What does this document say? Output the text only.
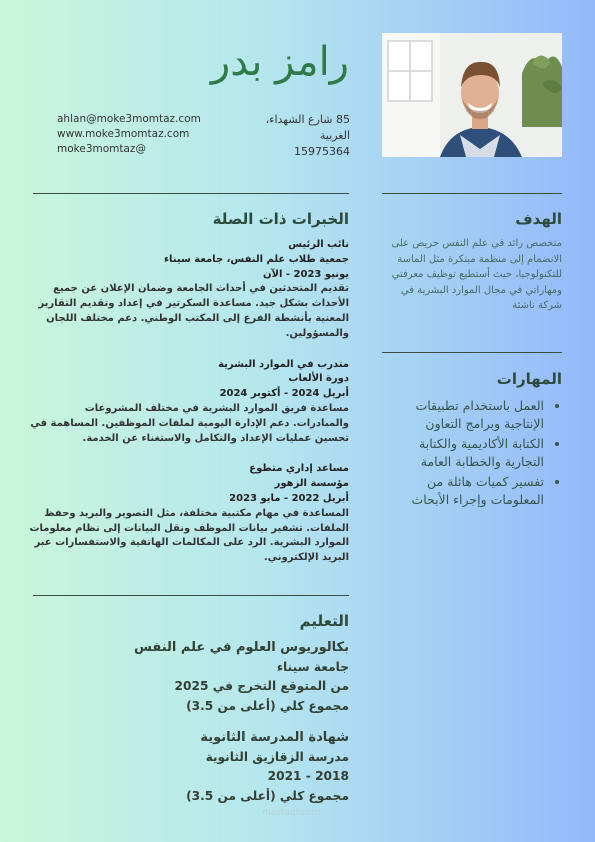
رامز بدر
85 شارع الشهداء،
الغربية
15975364
ahlan@moke3momtaz.com
www.moke3momtaz.com
moke3momtaz@
الخبرات ذات الصلة
نائب الرئيس
جمعية طلاب علم النفس، جامعة سيناء
يونيو 2023 - الآن
تقديم المتحدثين في أحداث الجامعة وضمان الإعلان عن جميع الأحداث بشكل جيد. مساعدة السكرتير في إعداد وتقديم التقارير المعنية بأنشطة الفرع إلى المكتب الوطني. دعم مختلف اللجان والمسؤولين.
متدرب في الموارد البشرية
دورة الألعاب
أبريل 2024 - أكتوبر 2024
مساعدة فريق الموارد البشرية في مختلف المشروعات والمبادرات. دعم الإدارة اليومية لملفات الموظفين. المساهمة في تحسين عمليات الإعداد والتكامل والاستغناء عن الخدمة.
مساعد إداري متطوع
مؤسسة الزهور
أبريل 2022 - مايو 2023
المساعدة في مهام مكتبية مختلفة، مثل التصوير والبريد وحفظ الملفات. تشفير بيانات الموظف ونقل البيانات إلى نظام معلومات الموارد البشرية. الرد على المكالمات الهاتفية والاستفسارات عبر البريد الإلكتروني.
الهدف
متخصص رائد في علم النفس حريص على الانضمام إلى منظمة مبتكرة مثل الماسة للتكنولوجيا، حيث أستطيع توظيف معرفتي ومهاراتي في مجال الموارد البشرية في شركة ناشئة
المهارات
• العمل باستخدام تطبيقات الإنتاجية وبرامج التعاون
• الكتابة الأكاديمية والكتابة التجارية والخطابة العامة
• تفسير كميات هائلة من المعلومات وإجراء الأبحاث
التعليم
بكالوريوس العلوم في علم النفس
جامعة سيناء
من المتوقع التخرج في 2025
مجموع كلي (أعلى من 3.5)
شهادة المدرسة الثانوية
مدرسة الزقازيق الثانوية
2018 - 2021
مجموع كلي (أعلى من 3.5)
mostaql.com
